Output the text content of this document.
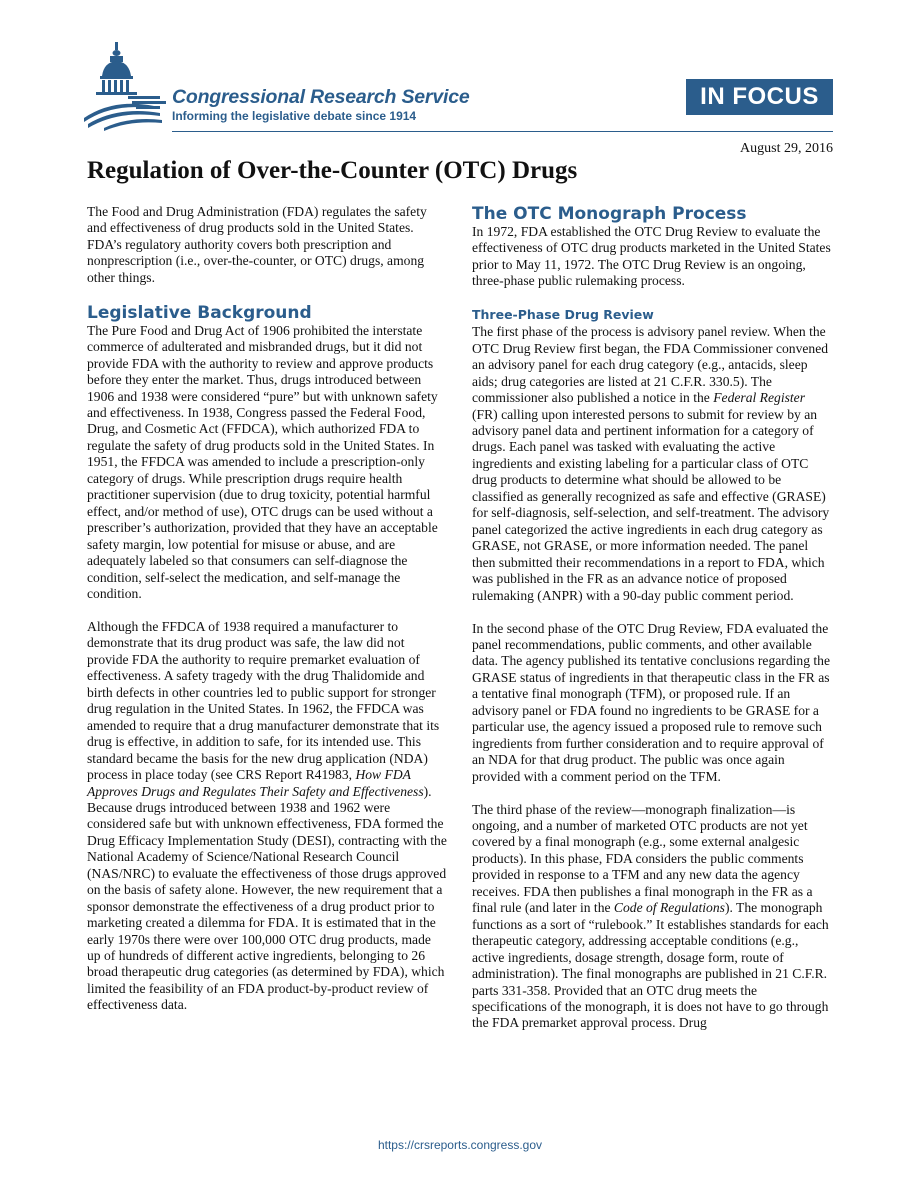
Congressional Research Service
Informing the legislative debate since 1914
IN FOCUS
August 29, 2016
Regulation of Over-the-Counter (OTC) Drugs

The Food and Drug Administration (FDA) regulates the safety and effectiveness of drug products sold in the United States. FDA’s regulatory authority covers both prescription and nonprescription (i.e., over-the-counter, or OTC) drugs, among other things.

Legislative Background

The Pure Food and Drug Act of 1906 prohibited the interstate commerce of adulterated and misbranded drugs, but it did not provide FDA with the authority to review and approve products before they enter the market. Thus, drugs introduced between 1906 and 1938 were considered “pure” but with unknown safety and effectiveness. In 1938, Congress passed the Federal Food, Drug, and Cosmetic Act (FFDCA), which authorized FDA to regulate the safety of drug products sold in the United States. In 1951, the FFDCA was amended to include a prescription-only category of drugs. While prescription drugs require health practitioner supervision (due to drug toxicity, potential harmful effect, and/or method of use), OTC drugs can be used without a prescriber’s authorization, provided that they have an acceptable safety margin, low potential for misuse or abuse, and are adequately labeled so that consumers can self-diagnose the condition, self-select the medication, and self-manage the condition.

Although the FFDCA of 1938 required a manufacturer to demonstrate that its drug product was safe, the law did not provide FDA the authority to require premarket evaluation of effectiveness. A safety tragedy with the drug Thalidomide and birth defects in other countries led to public support for stronger drug regulation in the United States. In 1962, the FFDCA was amended to require that a drug manufacturer demonstrate that its drug is effective, in addition to safe, for its intended use. This standard became the basis for the new drug application (NDA) process in place today (see CRS Report R41983, How FDA Approves Drugs and Regulates Their Safety and Effectiveness). Because drugs introduced between 1938 and 1962 were considered safe but with unknown effectiveness, FDA formed the Drug Efficacy Implementation Study (DESI), contracting with the National Academy of Science/National Research Council (NAS/NRC) to evaluate the effectiveness of those drugs approved on the basis of safety alone. However, the new requirement that a sponsor demonstrate the effectiveness of a drug product prior to marketing created a dilemma for FDA. It is estimated that in the early 1970s there were over 100,000 OTC drug products, made up of hundreds of different active ingredients, belonging to 26 broad therapeutic drug categories (as determined by FDA), which limited the feasibility of an FDA product-by-product review of effectiveness data.

The OTC Monograph Process

In 1972, FDA established the OTC Drug Review to evaluate the effectiveness of OTC drug products marketed in the United States prior to May 11, 1972. The OTC Drug Review is an ongoing, three-phase public rulemaking process.

Three-Phase Drug Review

The first phase of the process is advisory panel review. When the OTC Drug Review first began, the FDA Commissioner convened an advisory panel for each drug category (e.g., antacids, sleep aids; drug categories are listed at 21 C.F.R. 330.5). The commissioner also published a notice in the Federal Register (FR) calling upon interested persons to submit for review by an advisory panel data and pertinent information for a category of drugs. Each panel was tasked with evaluating the active ingredients and existing labeling for a particular class of OTC drug products to determine what should be allowed to be classified as generally recognized as safe and effective (GRASE) for self-diagnosis, self-selection, and self-treatment. The advisory panel categorized the active ingredients in each drug category as GRASE, not GRASE, or more information needed. The panel then submitted their recommendations in a report to FDA, which was published in the FR as an advance notice of proposed rulemaking (ANPR) with a 90-day public comment period.

In the second phase of the OTC Drug Review, FDA evaluated the panel recommendations, public comments, and other available data. The agency published its tentative conclusions regarding the GRASE status of ingredients in that therapeutic class in the FR as a tentative final monograph (TFM), or proposed rule. If an advisory panel or FDA found no ingredients to be GRASE for a particular use, the agency issued a proposed rule to remove such ingredients from further consideration and to require approval of an NDA for that drug product. The public was once again provided with a comment period on the TFM.

The third phase of the review—monograph finalization—is ongoing, and a number of marketed OTC products are not yet covered by a final monograph (e.g., some external analgesic products). In this phase, FDA considers the public comments provided in response to a TFM and any new data the agency receives. FDA then publishes a final monograph in the FR as a final rule (and later in the Code of Regulations). The monograph functions as a sort of “rulebook.” It establishes standards for each therapeutic category, addressing acceptable conditions (e.g., active ingredients, dosage strength, dosage form, route of administration). The final monographs are published in 21 C.F.R. parts 331-358. Provided that an OTC drug meets the specifications of the monograph, it is does not have to go through the FDA premarket approval process. Drug

https://crsreports.congress.gov
